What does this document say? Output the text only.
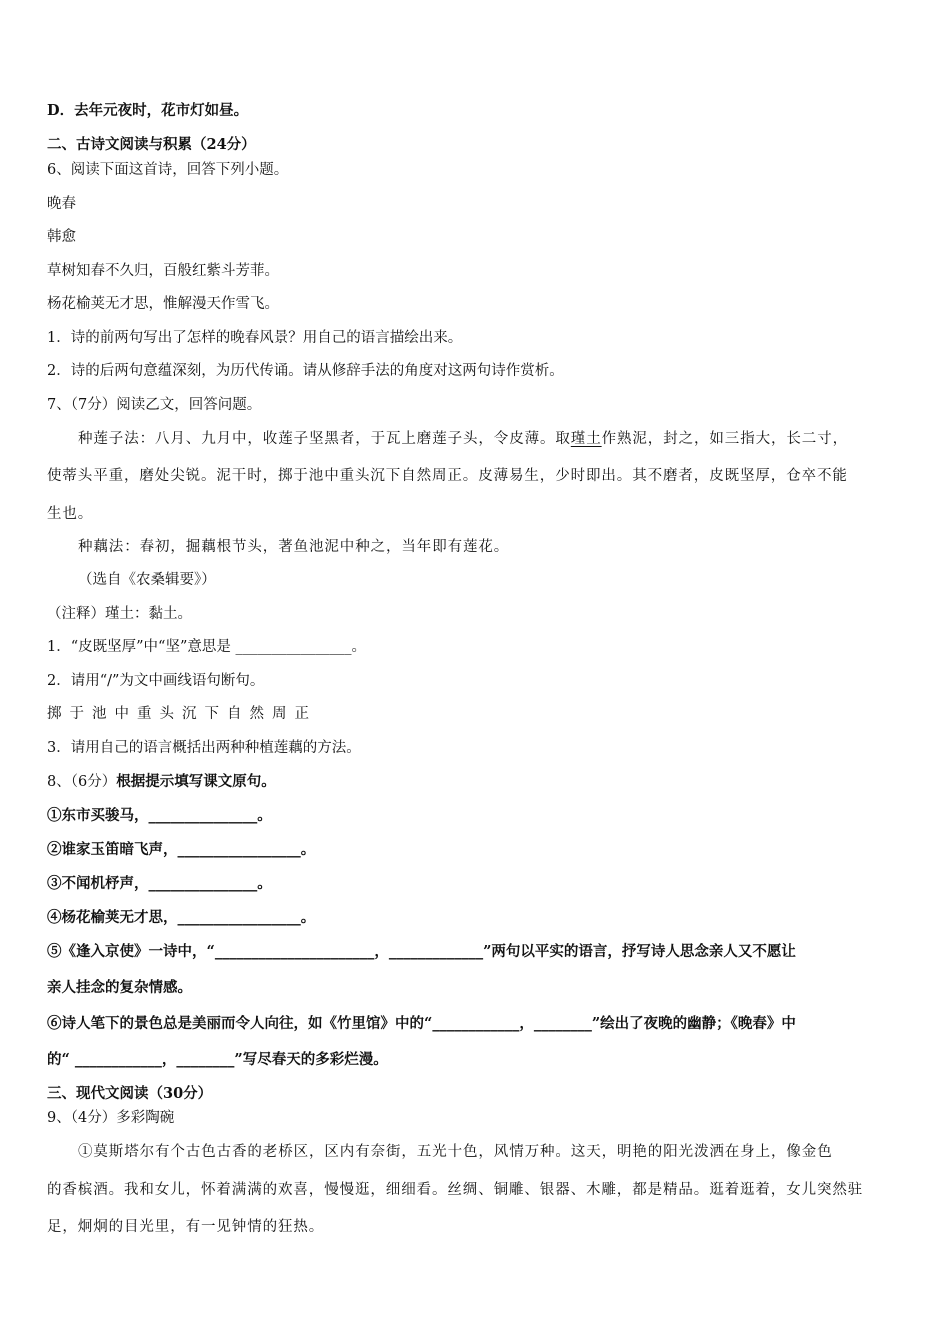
D．去年元夜时，花市灯如昼。
二、古诗文阅读与积累（24分）
6、阅读下面这首诗，回答下列小题。
晚春
韩愈
草树知春不久归，百般红紫斗芳菲。
杨花榆荚无才思，惟解漫天作雪飞。
1．诗的前两句写出了怎样的晚春风景？用自己的语言描绘出来。
2．诗的后两句意蕴深刻，为历代传诵。请从修辞手法的角度对这两句诗作赏析。
7、（7分）阅读乙文，回答问题。
种莲子法：八月、九月中，收莲子坚黑者，于瓦上磨莲子头，令皮薄。取瑾土作熟泥，封之，如三指大，长二寸，
使蒂头平重，磨处尖锐。泥干时，掷于池中重头沉下自然周正。皮薄易生，少时即出。其不磨者，皮既坚厚，仓卒不能
生也。
种藕法：春初，掘藕根节头，著鱼池泥中种之，当年即有莲花。
（选自《农桑辑要》）
（注释）瑾土：黏土。
1．“皮既坚厚”中“坚”意思是 ________________。
2．请用“/”为文中画线语句断句。
掷于池中重头沉下自然周正
3．请用自己的语言概括出两种种植莲藕的方法。
8、（6分）根据提示填写课文原句。
①东市买骏马，_______________。
②谁家玉笛暗飞声，_________________。
③不闻机杼声，_______________。
④杨花榆荚无才思，_________________。
⑤《逢入京使》一诗中，“______________________，_____________”两句以平实的语言，抒写诗人思念亲人又不愿让
亲人挂念的复杂情感。
⑥诗人笔下的景色总是美丽而令人向往，如《竹里馆》中的“____________，________”绘出了夜晚的幽静；《晚春》中
的“ ____________，________”写尽春天的多彩烂漫。
三、现代文阅读（30分）
9、（4分）多彩陶碗
①莫斯塔尔有个古色古香的老桥区，区内有奈街，五光十色，风情万种。这天，明艳的阳光泼洒在身上，像金色
的香槟酒。我和女儿，怀着满满的欢喜，慢慢逛，细细看。丝绸、铜雕、银器、木雕，都是精品。逛着逛着，女儿突然驻
足，炯炯的目光里，有一见钟情的狂热。
